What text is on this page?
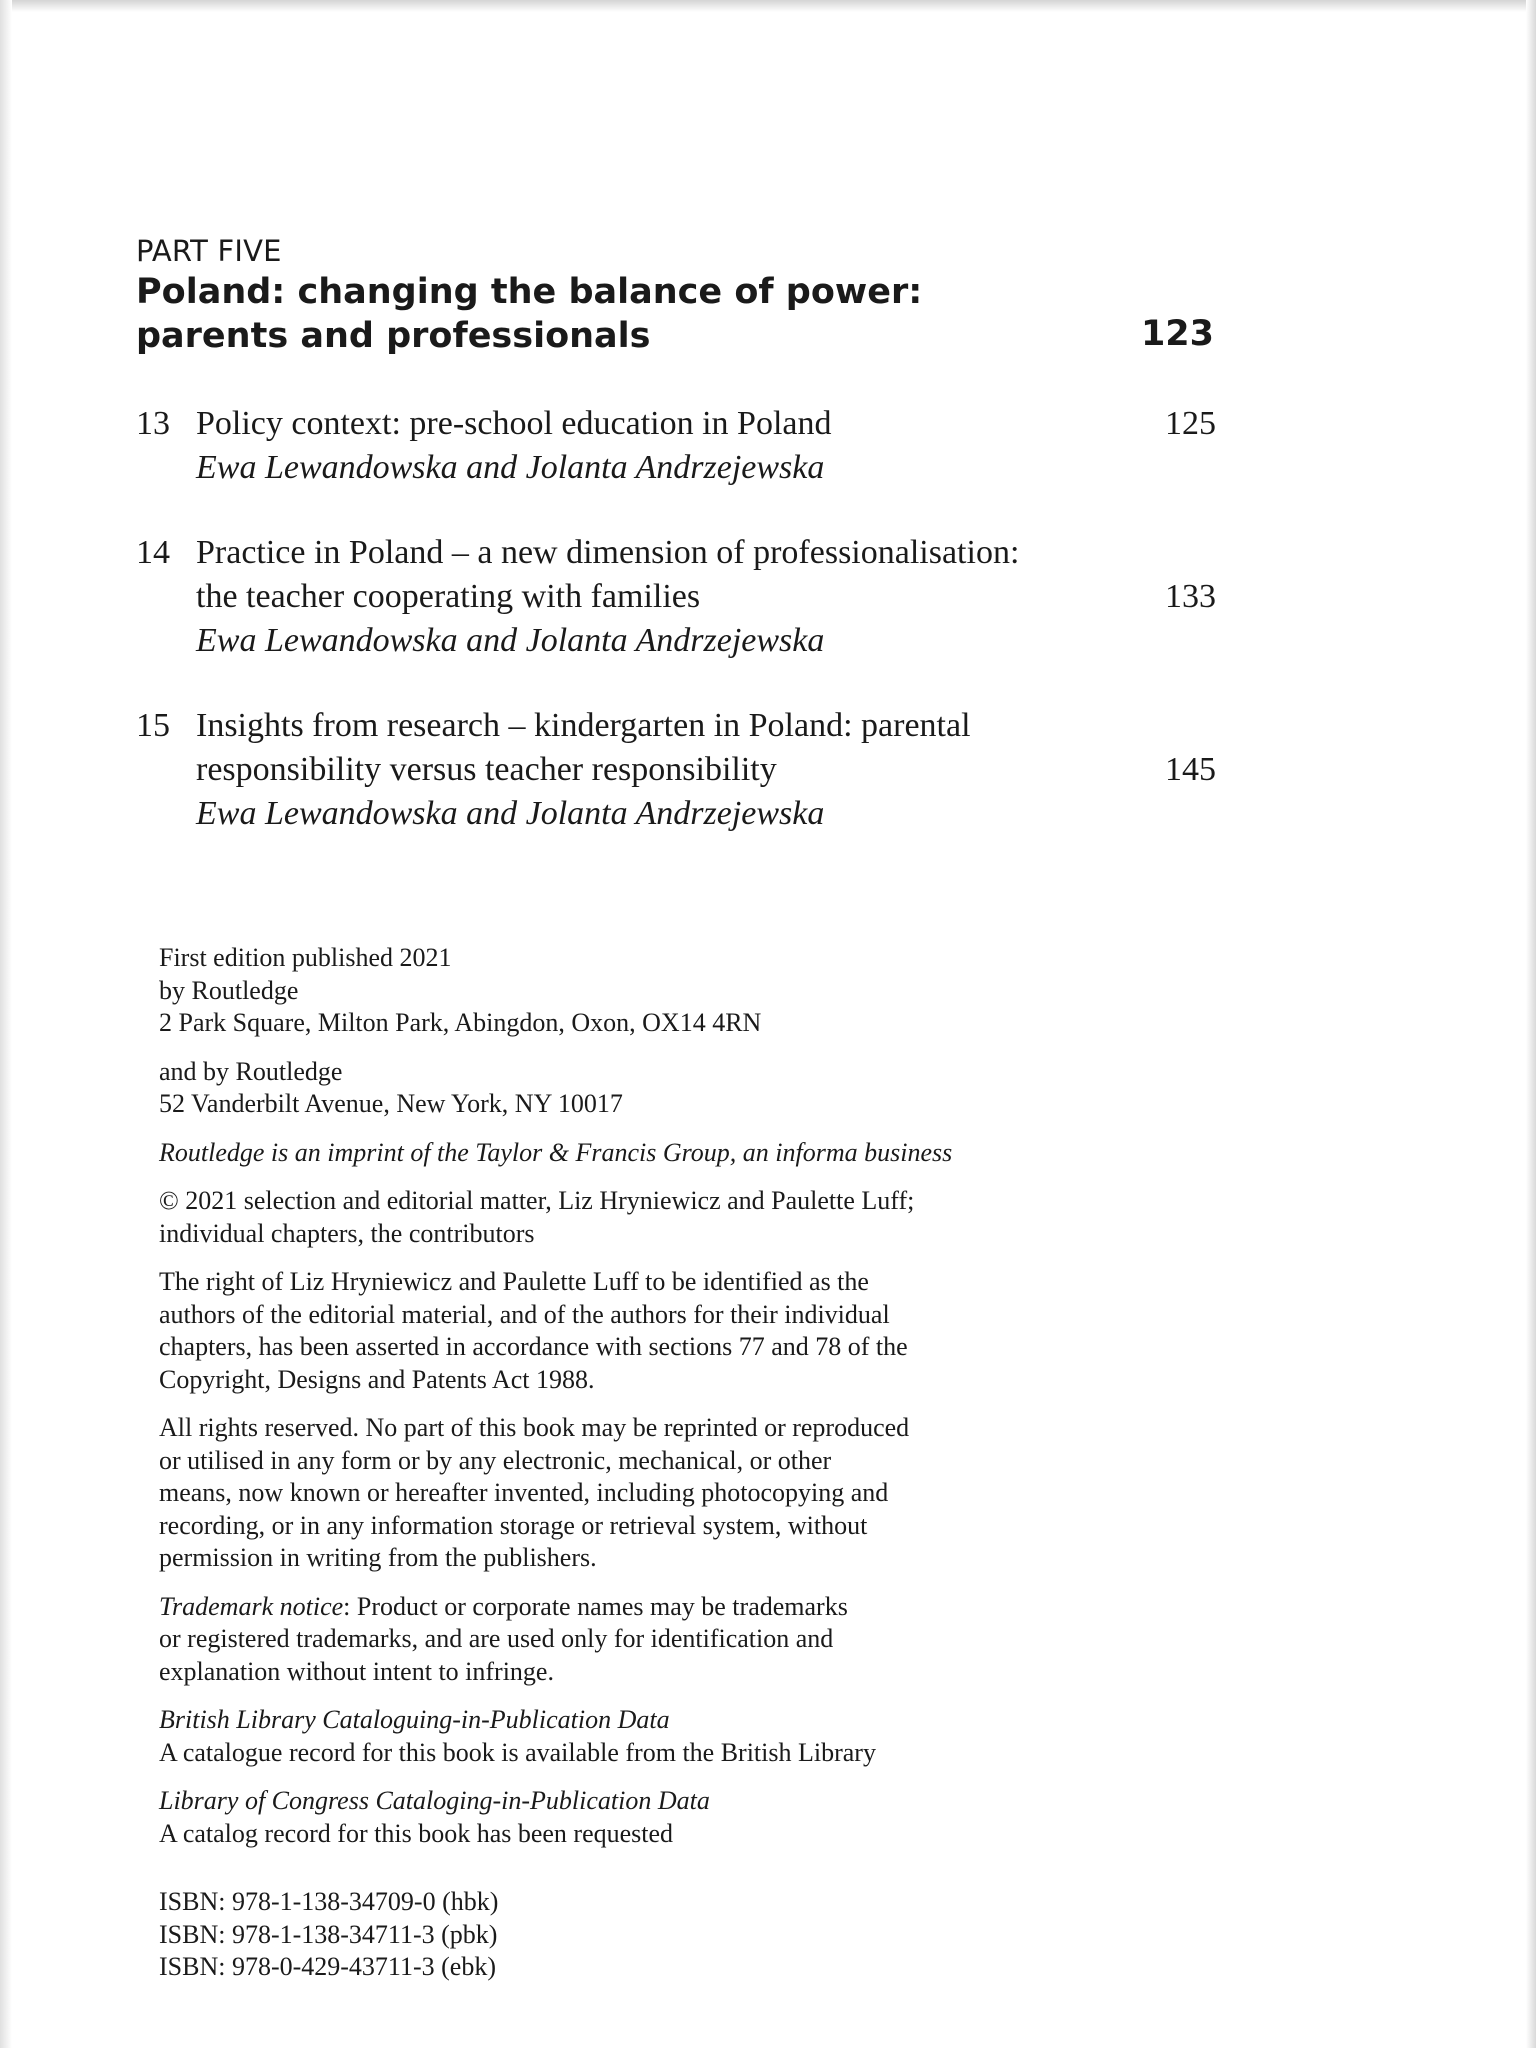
PART FIVE
Poland: changing the balance of power:
parents and professionals	123
13 Policy context: pre-school education in Poland
Ewa Lewandowska and Jolanta Andrzejewska
125
14 Practice in Poland – a new dimension of professionalisation:
the teacher cooperating with families
Ewa Lewandowska and Jolanta Andrzejewska
133
15 Insights from research – kindergarten in Poland: parental
responsibility versus teacher responsibility
Ewa Lewandowska and Jolanta Andrzejewska
145
First edition published 2021
by Routledge
2 Park Square, Milton Park, Abingdon, Oxon, OX14 4RN
and by Routledge
52 Vanderbilt Avenue, New York, NY 10017
Routledge is an imprint of the Taylor & Francis Group, an informa business
© 2021 selection and editorial matter, Liz Hryniewicz and Paulette Luff;
individual chapters, the contributors
The right of Liz Hryniewicz and Paulette Luff to be identified as the
authors of the editorial material, and of the authors for their individual
chapters, has been asserted in accordance with sections 77 and 78 of the
Copyright, Designs and Patents Act 1988.
All rights reserved. No part of this book may be reprinted or reproduced
or utilised in any form or by any electronic, mechanical, or other
means, now known or hereafter invented, including photocopying and
recording, or in any information storage or retrieval system, without
permission in writing from the publishers.
Trademark notice: Product or corporate names may be trademarks
or registered trademarks, and are used only for identification and
explanation without intent to infringe.
British Library Cataloguing-in-Publication Data
A catalogue record for this book is available from the British Library
Library of Congress Cataloging-in-Publication Data
A catalog record for this book has been requested
ISBN: 978-1-138-34709-0 (hbk)
ISBN: 978-1-138-34711-3 (pbk)
ISBN: 978-0-429-43711-3 (ebk)
